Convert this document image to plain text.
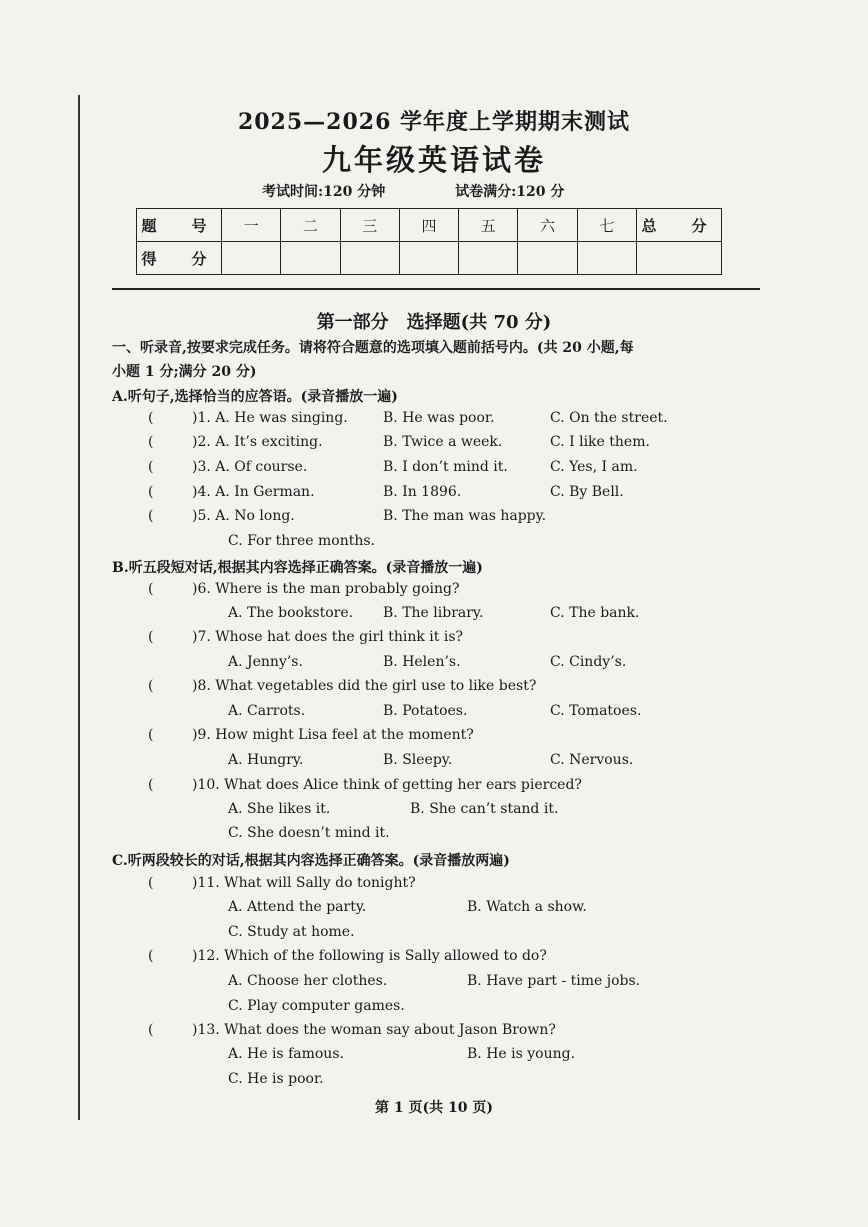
2025—2026 学年度上学期期末测试
九年级英语试卷
考试时间:120 分钟	试卷满分:120 分
题　号	一	二	三	四	五	六	七	总　分
得　分								
第一部分　选择题(共 70 分)
一、听录音,按要求完成任务。请将符合题意的选项填入题前括号内。(共 20 小题,每
小题 1 分;满分 20 分)
A.听句子,选择恰当的应答语。(录音播放一遍)
(	)1. A. He was singing.	B. He was poor.	C. On the street.
(	)2. A. It’s exciting.	B. Twice a week.	C. I like them.
(	)3. A. Of course.	B. I don’t mind it.	C. Yes, I am.
(	)4. A. In German.	B. In 1896.	C. By Bell.
(	)5. A. No long.	B. The man was happy.
C. For three months.
B.听五段短对话,根据其内容选择正确答案。(录音播放一遍)
(	)6. Where is the man probably going?
A. The bookstore. B. The library.	C. The bank.
(	)7. Whose hat does the girl think it is?
A. Jenny’s.	B. Helen’s.	C. Cindy’s.
(	)8. What vegetables did the girl use to like best?
A. Carrots.	B. Potatoes.	C. Tomatoes.
(	)9. How might Lisa feel at the moment?
A. Hungry.	B. Sleepy.	C. Nervous.
(	)10. What does Alice think of getting her ears pierced?
A. She likes it.	B. She can’t stand it.
C. She doesn’t mind it.
C.听两段较长的对话,根据其内容选择正确答案。(录音播放两遍)
(	)11. What will Sally do tonight?
A. Attend the party.	B. Watch a show.
C. Study at home.
(	)12. Which of the following is Sally allowed to do?
A. Choose her clothes.	B. Have part - time jobs.
C. Play computer games.
(	)13. What does the woman say about Jason Brown?
A. He is famous.	B. He is young.
C. He is poor.
第 1 页(共 10 页)
